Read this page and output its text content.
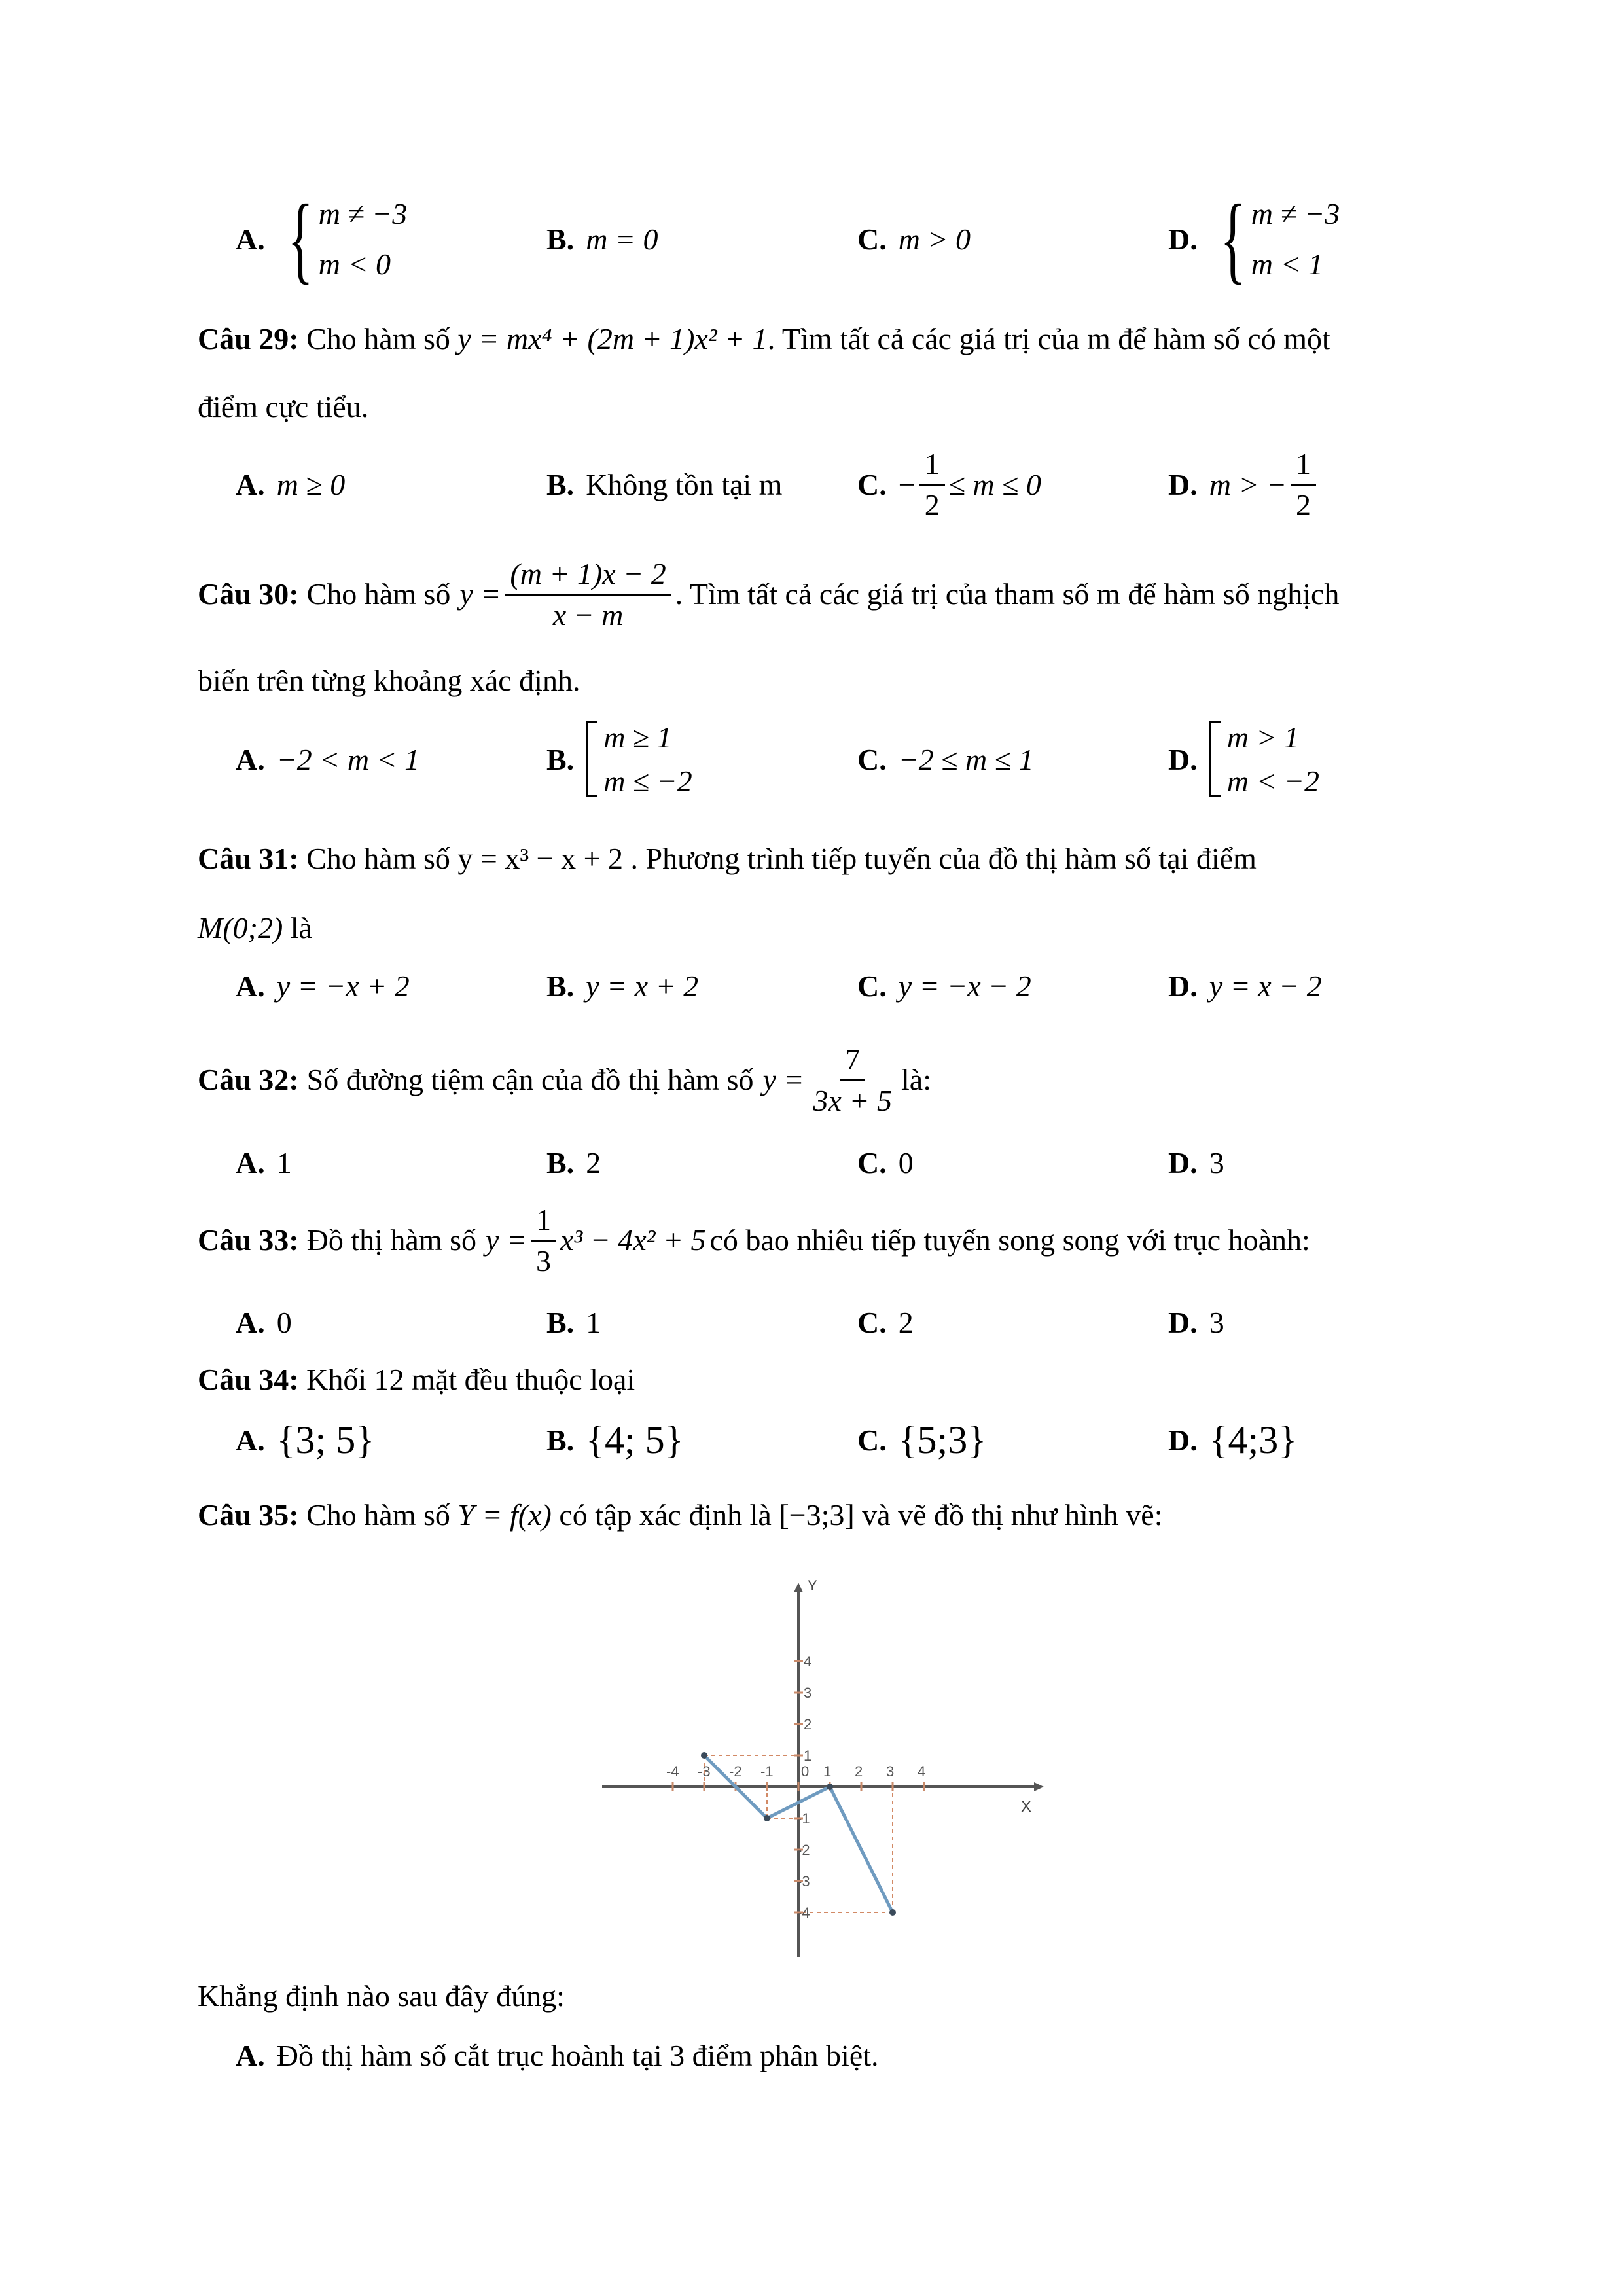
A. { m ≠ −3
m < 0
B. m = 0	C. m > 0	D. { m ≠ −3
m < 1
Câu 29: Cho hàm số y = mx⁴ + (2m + 1)x² + 1. Tìm tất cả các giá trị của m để hàm số có một
điểm cực tiểu.
A. m ≥ 0	B. Không tồn tại m C. − $\frac{1}{2} \le m \le 0$	D. m > − $\frac{1}{2}$
Câu 30: Cho hàm số $y = \frac{(m + 1)x - 2}{x - m}$ . Tìm tất cả các giá trị của tham số m để hàm số nghịch
biến trên từng khoảng xác định.
A. −2 < m < 1	B.
m ≥ 1
m ≤ −2
C. −2 ≤ m ≤ 1	D.
m > 1
m < −2
Câu 31: Cho hàm số y = x³ − x + 2 . Phương trình tiếp tuyến của đồ thị hàm số tại điểm
M(0;2) là
A. y = −x + 2	B. y = x + 2	C. y = −x − 2	D. y = x − 2
Câu 32: Số đường tiệm cận của đồ thị hàm số $y = \frac{7}{3x + 5}$ là:
A. 1	B. 2	C. 0	D. 3
Câu 33: Đồ thị hàm số $y = \frac{1}{3} x^3 - 4x^2 + 5$ có bao nhiêu tiếp tuyến song song với trục hoành:
A. 0	B. 1	C. 2	D. 3
Câu 34: Khối 12 mặt đều thuộc loại
A. {3; 5}	B. {4; 5}	C. {5;3}	D. {4;3}
Câu 35: Cho hàm số Y = f(x) có tập xác định là [−3;3] và vẽ đồ thị như hình vẽ:
X
Y
-4 -3 -2 -1 0 1 2 3 4
4
3
2
1
-1
-2
-3
-4
Khẳng định nào sau đây đúng:
A. Đồ thị hàm số cắt trục hoành tại 3 điểm phân biệt.
